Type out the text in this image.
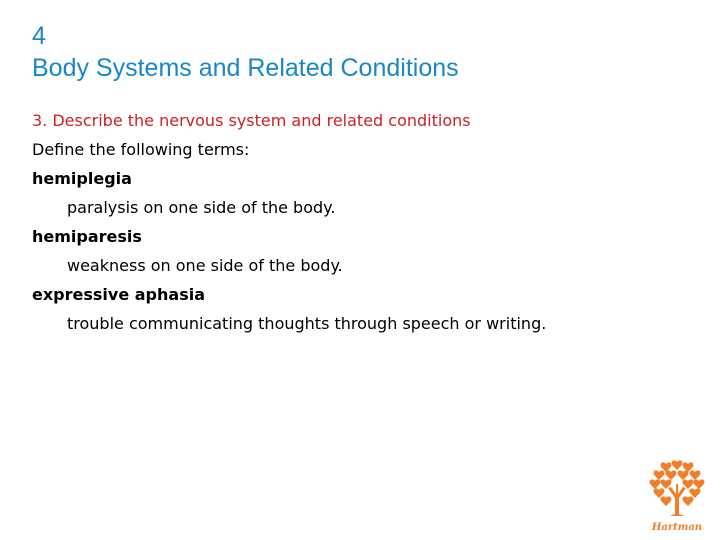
4
Body Systems and Related Conditions
3. Describe the nervous system and related conditions
Define the following terms:
hemiplegia
paralysis on one side of the body.
hemiparesis
weakness on one side of the body.
expressive aphasia
trouble communicating thoughts through speech or writing.
Hartman
